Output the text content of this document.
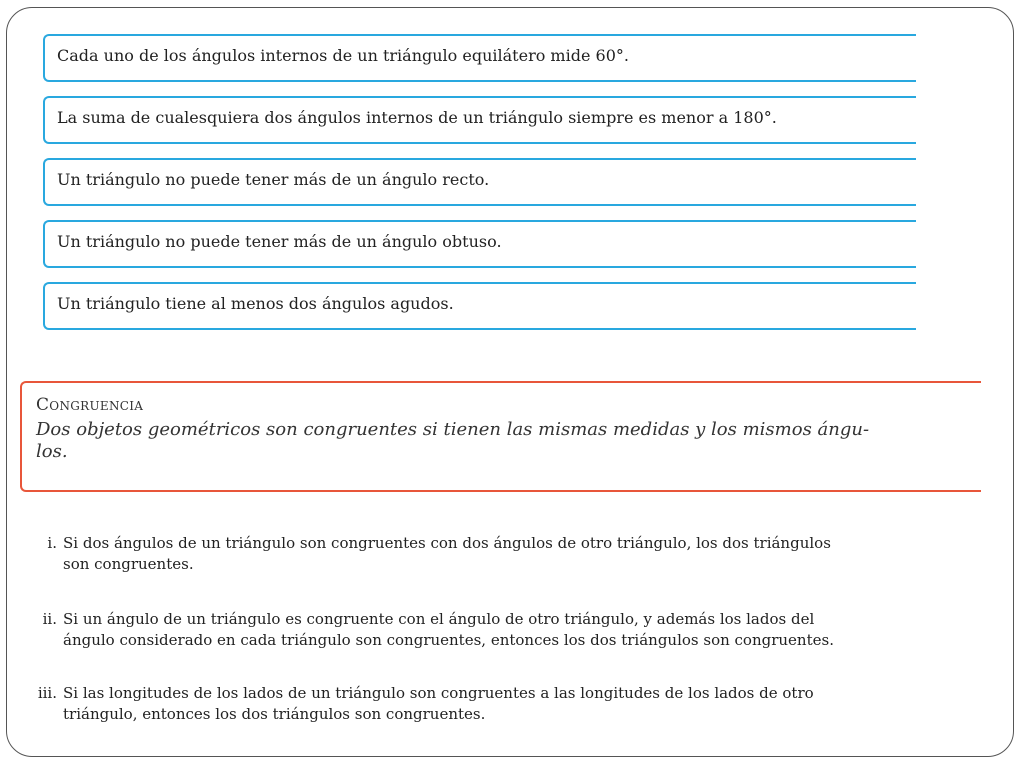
Cada uno de los ángulos internos de un triángulo equilátero mide 60°.
La suma de cualesquiera dos ángulos internos de un triángulo siempre es menor a 180°.
Un triángulo no puede tener más de un ángulo recto.
Un triángulo no puede tener más de un ángulo obtuso.
Un triángulo tiene al menos dos ángulos agudos.
Congruencia
Dos objetos geométricos son congruentes si tienen las mismas medidas y los mismos ángu-
los.
i. Si dos ángulos de un triángulo son congruentes con dos ángulos de otro triángulo, los dos triángulos
son congruentes.
ii. Si un ángulo de un triángulo es congruente con el ángulo de otro triángulo, y además los lados del
ángulo considerado en cada triángulo son congruentes, entonces los dos triángulos son congruentes.
iii. Si las longitudes de los lados de un triángulo son congruentes a las longitudes de los lados de otro
triángulo, entonces los dos triángulos son congruentes.
